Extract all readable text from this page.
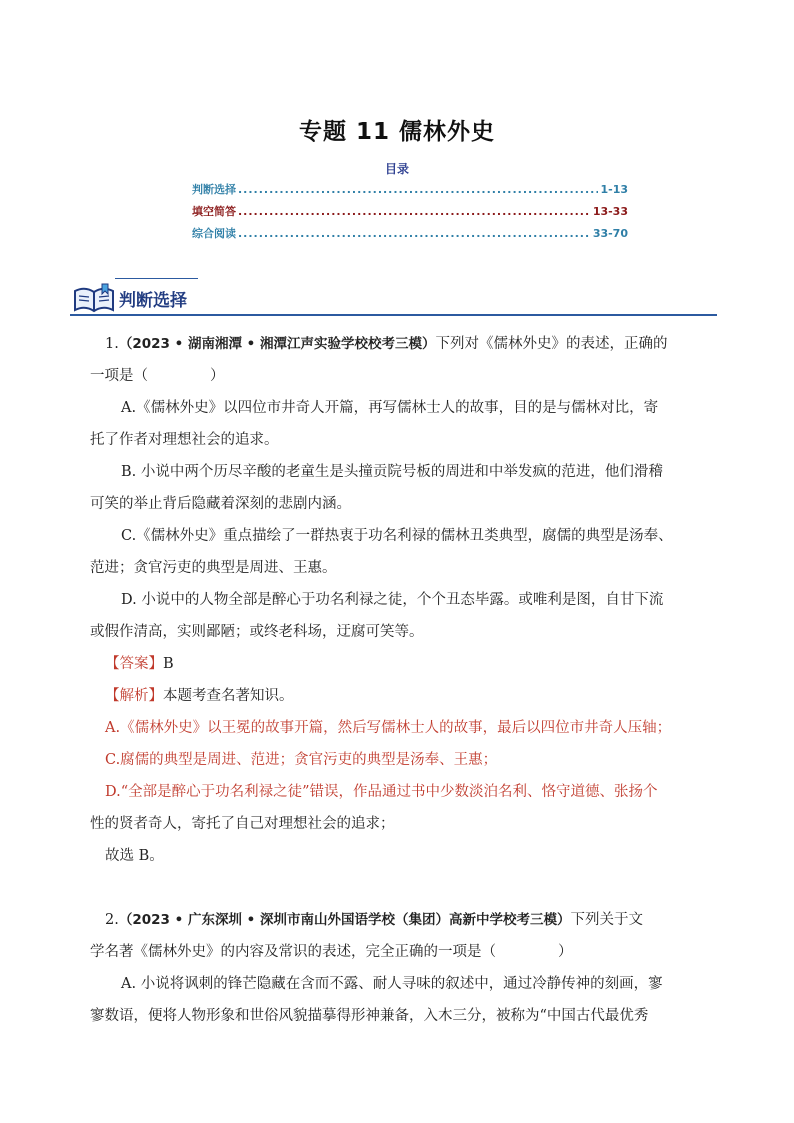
专题 11 儒林外史
目录
判断选择 .....	1-13
填空简答 .....	13-33
综合阅读 .....	33-70
判断选择
1.（2023 • 湖南湘潭 • 湘潭江声实验学校校考三模）下列对《儒林外史》的表述，正确的
一项是（	）
A.《儒林外史》以四位市井奇人开篇，再写儒林士人的故事，目的是与儒林对比，寄
托了作者对理想社会的追求。
B. 小说中两个历尽辛酸的老童生是头撞贡院号板的周进和中举发疯的范进，他们滑稽
可笑的举止背后隐藏着深刻的悲剧内涵。
C.《儒林外史》重点描绘了一群热衷于功名利禄的儒林丑类典型，腐儒的典型是汤奉、
范进；贪官污吏的典型是周进、王惠。
D. 小说中的人物全部是醉心于功名利禄之徒，个个丑态毕露。或唯利是图，自甘下流
或假作清高，实则鄙陋；或终老科场，迂腐可笑等。
【答案】B
【解析】本题考查名著知识。
A.《儒林外史》以王冕的故事开篇，然后写儒林士人的故事，最后以四位市井奇人压轴；
C.腐儒的典型是周进、范进；贪官污吏的典型是汤奉、王惠；
D.“全部是醉心于功名利禄之徒”错误，作品通过书中少数淡泊名利、恪守道德、张扬个
性的贤者奇人，寄托了自己对理想社会的追求；
故选 B。
2.（2023 • 广东深圳 • 深圳市南山外国语学校（集团）高新中学校考三模）下列关于文
学名著《儒林外史》的内容及常识的表述，完全正确的一项是（	）
A. 小说将讽刺的锋芒隐藏在含而不露、耐人寻味的叙述中，通过冷静传神的刻画，寥
寥数语，便将人物形象和世俗风貌描摹得形神兼备，入木三分，被称为“中国古代最优秀
